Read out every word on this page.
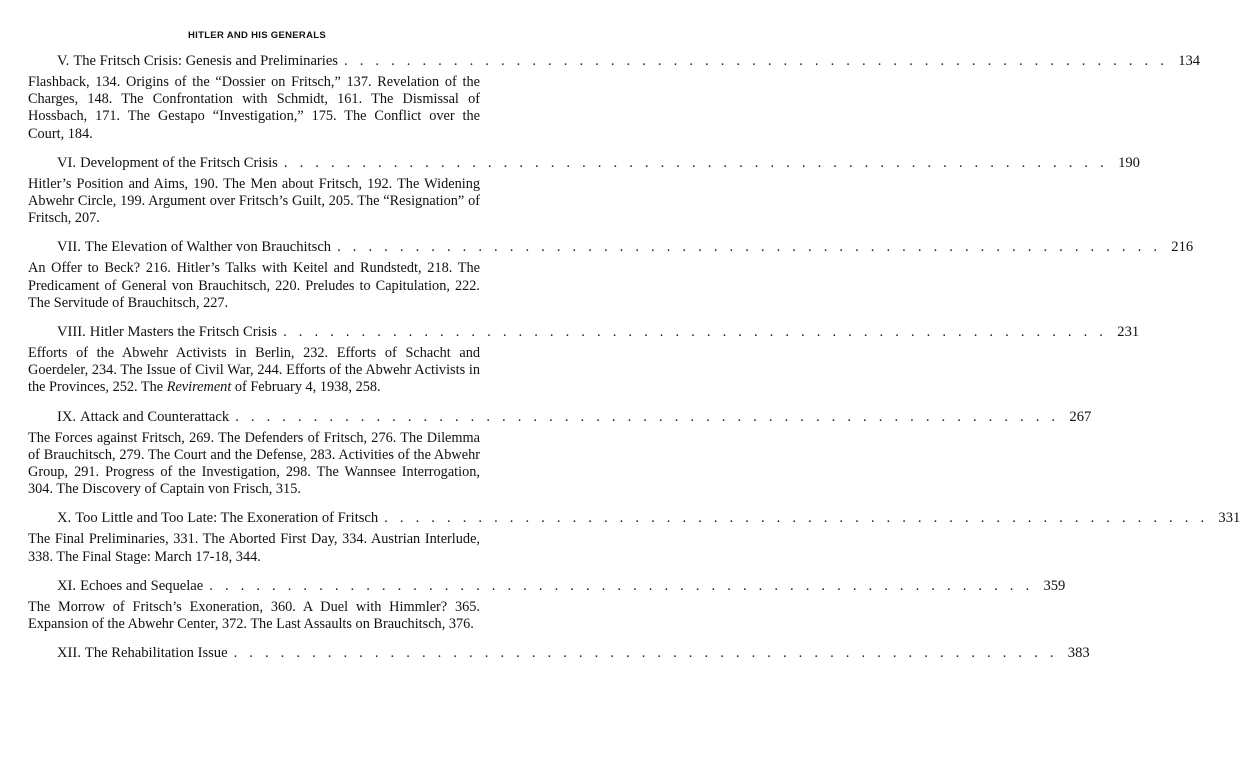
HITLER AND HIS GENERALS
V. The Fritsch Crisis: Genesis and Preliminaries . . . . . . . . . . . . . . . . . . . . . . . . . . . . . . . . . . . . . . . . . . . . . . . . . . . . . 134
Flashback, 134. Origins of the “Dossier on Fritsch,” 137. Revelation of the Charges, 148. The Confrontation with Schmidt, 161. The Dismissal of Hossbach, 171. The Gestapo “Investigation,” 175. The Conflict over the Court, 184.
VI. Development of the Fritsch Crisis . . . . . . . . . . . . . . . . . . . . . . . . . . . . . . . . . . . . . . . . . . . . . . . . . . . . . 190
Hitler’s Position and Aims, 190. The Men about Fritsch, 192. The Widening Abwehr Circle, 199. Argument over Fritsch’s Guilt, 205. The “Resignation” of Fritsch, 207.
VII. The Elevation of Walther von Brauchitsch . . . . . . . . . . . . . . . . . . . . . . . . . . . . . . . . . . . . . . . . . . . . . . . . . . . . . 216
An Offer to Beck? 216. Hitler’s Talks with Keitel and Rundstedt, 218. The Predicament of General von Brauchitsch, 220. Preludes to Capitulation, 222. The Servitude of Brauchitsch, 227.
VIII. Hitler Masters the Fritsch Crisis . . . . . . . . . . . . . . . . . . . . . . . . . . . . . . . . . . . . . . . . . . . . . . . . . . . . . 231
Efforts of the Abwehr Activists in Berlin, 232. Efforts of Schacht and Goerdeler, 234. The Issue of Civil War, 244. Efforts of the Abwehr Activists in the Provinces, 252. The Revirement of February 4, 1938, 258.
IX. Attack and Counterattack . . . . . . . . . . . . . . . . . . . . . . . . . . . . . . . . . . . . . . . . . . . . . . . . . . . . . 267
The Forces against Fritsch, 269. The Defenders of Fritsch, 276. The Dilemma of Brauchitsch, 279. The Court and the Defense, 283. Activities of the Abwehr Group, 291. Progress of the Investigation, 298. The Wannsee Interrogation, 304. The Discovery of Captain von Frisch, 315.
X. Too Little and Too Late: The Exoneration of Fritsch . . . . . . . . . . . . . . . . . . . . . . . . . . . . . . . . . . . . . . . . . . . . . . . . . . . . . 331
The Final Preliminaries, 331. The Aborted First Day, 334. Austrian Interlude, 338. The Final Stage: March 17-18, 344.
XI. Echoes and Sequelae . . . . . . . . . . . . . . . . . . . . . . . . . . . . . . . . . . . . . . . . . . . . . . . . . . . . . 359
The Morrow of Fritsch’s Exoneration, 360. A Duel with Himmler? 365. Expansion of the Abwehr Center, 372. The Last Assaults on Brauchitsch, 376.
XII. The Rehabilitation Issue . . . . . . . . . . . . . . . . . . . . . . . . . . . . . . . . . . . . . . . . . . . . . . . . . . . . . 383
